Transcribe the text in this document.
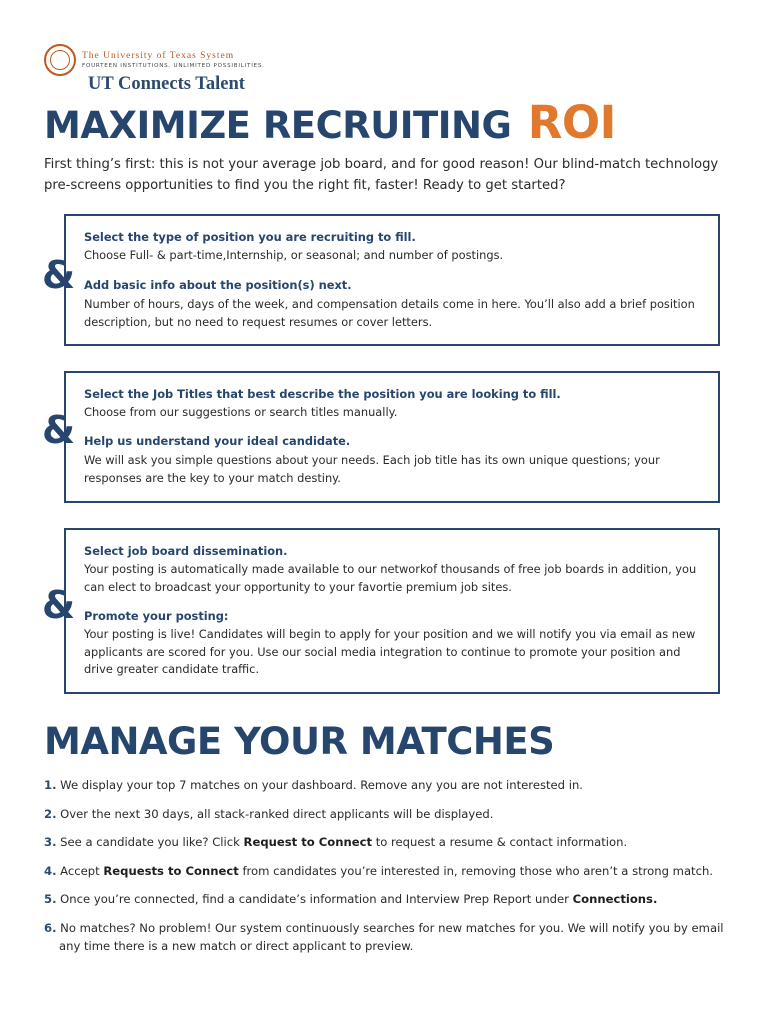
The University of Texas System
FOURTEEN INSTITUTIONS. UNLIMITED POSSIBILITIES.
UT Connects Talent
MAXIMIZE RECRUITING ROI

First thing’s first: this is not your average job board, and for good reason! Our blind-match technology pre-screens opportunities to find you the right fit, faster! Ready to get started?

&
Select the type of position you are recruiting to fill.

Choose Full- & part-time,Internship, or seasonal; and number of postings.

Add basic info about the position(s) next.

Number of hours, days of the week, and compensation details come in here. You’ll also add a brief position description, but no need to request resumes or cover letters.

&
Select the Job Titles that best describe the position you are looking to fill.

Choose from our suggestions or search titles manually.

Help us understand your ideal candidate.

We will ask you simple questions about your needs. Each job title has its own unique questions; your responses are the key to your match destiny.

&
Select job board dissemination.

Your posting is automatically made available to our networkof thousands of free job boards in addition, you can elect to broadcast your opportunity to your favortie premium job sites.

Promote your posting:

Your posting is live! Candidates will begin to apply for your position and we will notify you via email as new applicants are scored for you. Use our social media integration to continue to promote your position and drive greater candidate traffic.

MANAGE YOUR MATCHES

1. We display your top 7 matches on your dashboard. Remove any you are not interested in.

2. Over the next 30 days, all stack-ranked direct applicants will be displayed.

3. See a candidate you like? Click Request to Connect to request a resume & contact information.

4. Accept Requests to Connect from candidates you’re interested in, removing those who aren’t a strong match.

5. Once you’re connected, find a candidate’s information and Interview Prep Report under Connections.

6. No matches? No problem! Our system continuously searches for new matches for you. We will notify you by email
any time there is a new match or direct applicant to preview.
